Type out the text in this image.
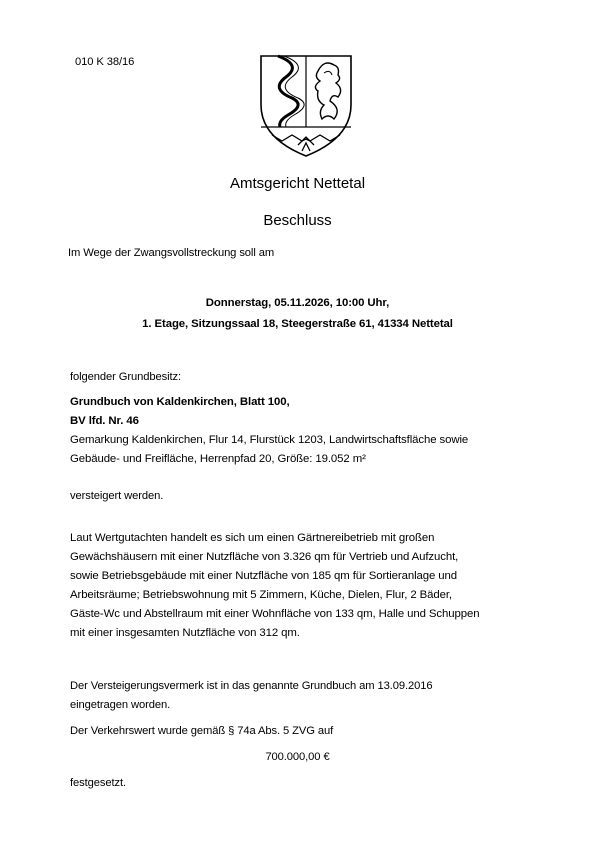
010 K 38/16
Amtsgericht Nettetal
Beschluss
Im Wege der Zwangsvollstreckung soll am
Donnerstag, 05.11.2026, 10:00 Uhr,
1. Etage, Sitzungssaal 18, Steegerstraße 61, 41334 Nettetal
folgender Grundbesitz:
Grundbuch von Kaldenkirchen, Blatt 100,
BV lfd. Nr. 46
Gemarkung Kaldenkirchen, Flur 14, Flurstück 1203, Landwirtschaftsfläche sowie
Gebäude- und Freifläche, Herrenpfad 20, Größe: 19.052 m²
versteigert werden.
Laut Wertgutachten handelt es sich um einen Gärtnereibetrieb mit großen
Gewächshäusern mit einer Nutzfläche von 3.326 qm für Vertrieb und Aufzucht,
sowie Betriebsgebäude mit einer Nutzfläche von 185 qm für Sortieranlage und
Arbeitsräume; Betriebswohnung mit 5 Zimmern, Küche, Dielen, Flur, 2 Bäder,
Gäste-Wc und Abstellraum mit einer Wohnfläche von 133 qm, Halle und Schuppen
mit einer insgesamten Nutzfläche von 312 qm.
Der Versteigerungsvermerk ist in das genannte Grundbuch am 13.09.2016
eingetragen worden.
Der Verkehrswert wurde gemäß § 74a Abs. 5 ZVG auf
700.000,00 €
festgesetzt.
